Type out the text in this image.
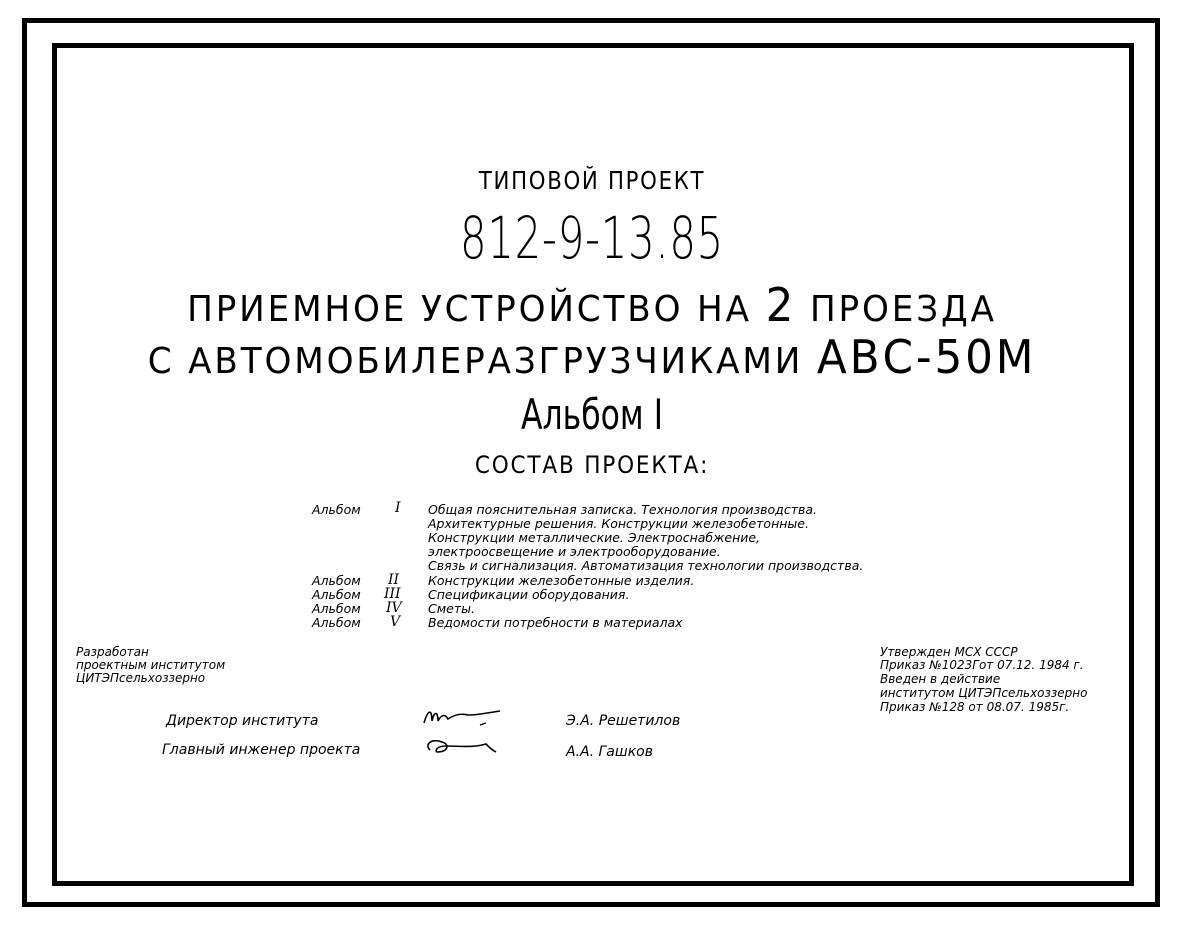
ТИПОВОЙ ПРОЕКТ
812-9-13.85
ПРИЕМНОЕ УСТРОЙСТВО НА 2 ПРОЕЗДА
С АВТОМОБИЛЕРАЗГРУЗЧИКАМИ АВС-50М
Альбом I
СОСТАВ ПРОЕКТА:
Альбом I Общая пояснительная записка. Технология производства.
Архитектурные решения. Конструкции железобетонные.
Конструкции металлические. Электроснабжение,
электроосвещение и электрооборудование.
Связь и сигнализация. Автоматизация технологии производства.
Альбом II Конструкции железобетонные изделия.
Альбом III Спецификации оборудования.
Альбом IV Сметы.
Альбом V Ведомости потребности в материалах
Разработан
проектным институтом
ЦИТЭПсельхоззерно
Утвержден МСХ СССР
Приказ №1023Гот 07.12. 1984 г.
Введен в действие
институтом ЦИТЭПсельхоззерно
Приказ №128 от 08.07. 1985г.
Директор института	Э.А. Решетилов
Главный инженер проекта	А.А. Гашков
